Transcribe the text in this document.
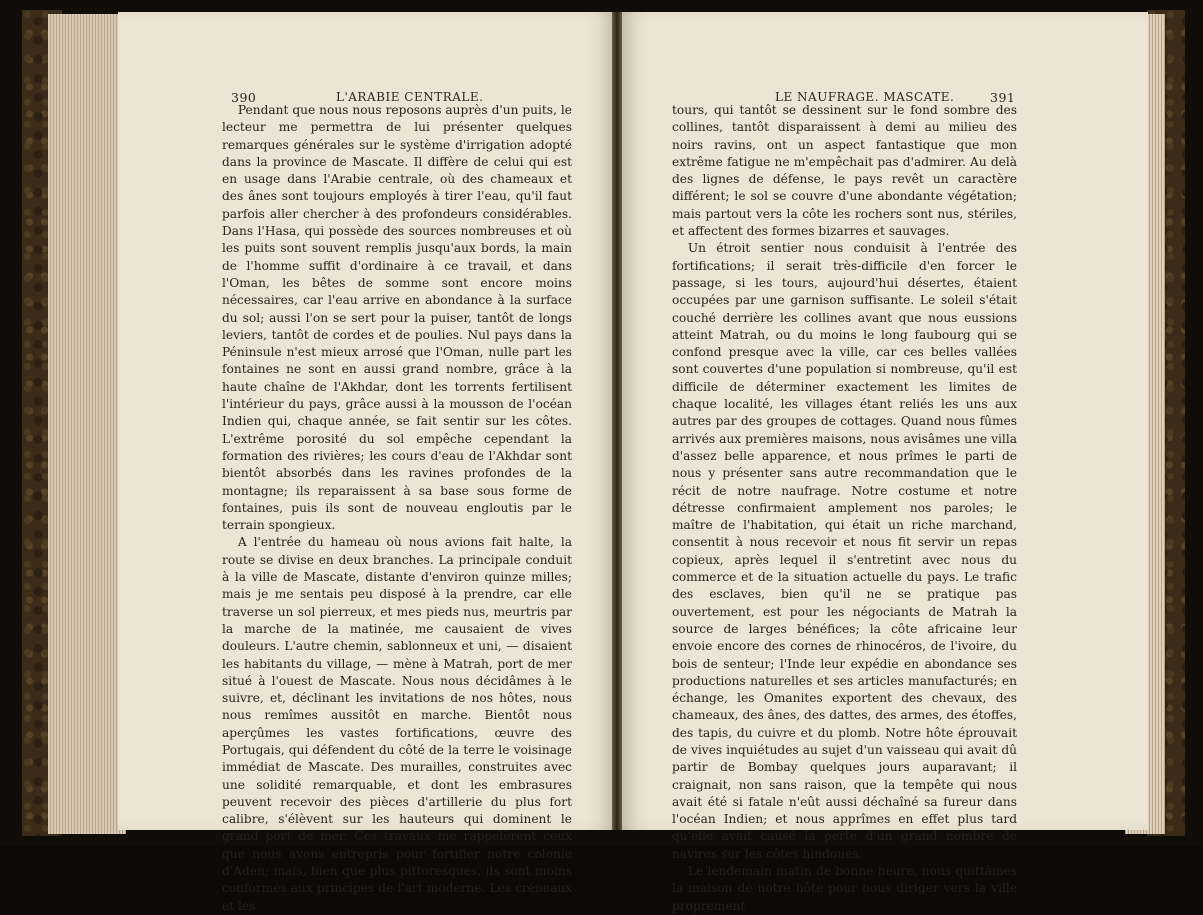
390	L'ARABIE CENTRALE.	LE NAUFRAGE. MASCATE.	391

Pendant que nous nous reposons auprès d'un puits, le lecteur me permettra de lui présenter quelques remarques générales sur le système d'irrigation adopté dans la province de Mascate. Il diffère de celui qui est en usage dans l'Arabie centrale, où des chameaux et des ânes sont toujours employés à tirer l'eau, qu'il faut parfois aller chercher à des profondeurs considérables. Dans l'Hasa, qui possède des sources nombreuses et où les puits sont souvent remplis jusqu'aux bords, la main de l'homme suffit d'ordinaire à ce travail, et dans l'Oman, les bêtes de somme sont encore moins nécessaires, car l'eau arrive en abondance à la surface du sol; aussi l'on se sert pour la puiser, tantôt de longs leviers, tantôt de cordes et de poulies. Nul pays dans la Péninsule n'est mieux arrosé que l'Oman, nulle part les fontaines ne sont en aussi grand nombre, grâce à la haute chaîne de l'Akhdar, dont les torrents fertilisent l'intérieur du pays, grâce aussi à la mousson de l'océan Indien qui, chaque année, se fait sentir sur les côtes. L'extrême porosité du sol empêche cependant la formation des rivières; les cours d'eau de l'Akhdar sont bientôt absorbés dans les ravines profondes de la montagne; ils reparaissent à sa base sous forme de fontaines, puis ils sont de nouveau engloutis par le terrain spongieux.

A l'entrée du hameau où nous avions fait halte, la route se divise en deux branches. La principale conduit à la ville de Mascate, distante d'environ quinze milles; mais je me sentais peu disposé à la prendre, car elle traverse un sol pierreux, et mes pieds nus, meurtris par la marche de la matinée, me causaient de vives douleurs. L'autre chemin, sablonneux et uni, — disaient les habitants du village, — mène à Matrah, port de mer situé à l'ouest de Mascate. Nous nous décidâmes à le suivre, et, déclinant les invitations de nos hôtes, nous nous remîmes aussitôt en marche. Bientôt nous aperçûmes les vastes fortifications, œuvre des Portugais, qui défendent du côté de la terre le voisinage immédiat de Mascate. Des murailles, construites avec une solidité remarquable, et dont les embrasures peuvent recevoir des pièces d'artillerie du plus fort calibre, s'élèvent sur les hauteurs qui dominent le grand port de mer. Ces travaux me rappelèrent ceux que nous avons entrepris pour fortifier notre colonie d'Aden; mais, bien que plus pittoresques, ils sont moins conformes aux principes de l'art moderne. Les créneaux et les

tours, qui tantôt se dessinent sur le fond sombre des collines, tantôt disparaissent à demi au milieu des noirs ravins, ont un aspect fantastique que mon extrême fatigue ne m'empêchait pas d'admirer. Au delà des lignes de défense, le pays revêt un caractère différent; le sol se couvre d'une abondante végétation; mais partout vers la côte les rochers sont nus, stériles, et affectent des formes bizarres et sauvages.

Un étroit sentier nous conduisit à l'entrée des fortifications; il serait très-difficile d'en forcer le passage, si les tours, aujourd'hui désertes, étaient occupées par une garnison suffisante. Le soleil s'était couché derrière les collines avant que nous eussions atteint Matrah, ou du moins le long faubourg qui se confond presque avec la ville, car ces belles vallées sont couvertes d'une population si nombreuse, qu'il est difficile de déterminer exactement les limites de chaque localité, les villages étant reliés les uns aux autres par des groupes de cottages. Quand nous fûmes arrivés aux premières maisons, nous avisâmes une villa d'assez belle apparence, et nous prîmes le parti de nous y présenter sans autre recommandation que le récit de notre naufrage. Notre costume et notre détresse confirmaient amplement nos paroles; le maître de l'habitation, qui était un riche marchand, consentit à nous recevoir et nous fit servir un repas copieux, après lequel il s'entretint avec nous du commerce et de la situation actuelle du pays. Le trafic des esclaves, bien qu'il ne se pratique pas ouvertement, est pour les négociants de Matrah la source de larges bénéfices; la côte africaine leur envoie encore des cornes de rhinocéros, de l'ivoire, du bois de senteur; l'Inde leur expédie en abondance ses productions naturelles et ses articles manufacturés; en échange, les Omanites exportent des chevaux, des chameaux, des ânes, des dattes, des armes, des étoffes, des tapis, du cuivre et du plomb. Notre hôte éprouvait de vives inquiétudes au sujet d'un vaisseau qui avait dû partir de Bombay quelques jours auparavant; il craignait, non sans raison, que la tempête qui nous avait été si fatale n'eût aussi déchaîné sa fureur dans l'océan Indien; et nous apprîmes en effet plus tard qu'elle avait causé la perte d'un grand nombre de navires sur les côtes hindoues.

Le lendemain matin de bonne heure, nous quittâmes la maison de notre hôte pour nous diriger vers la ville proprement
